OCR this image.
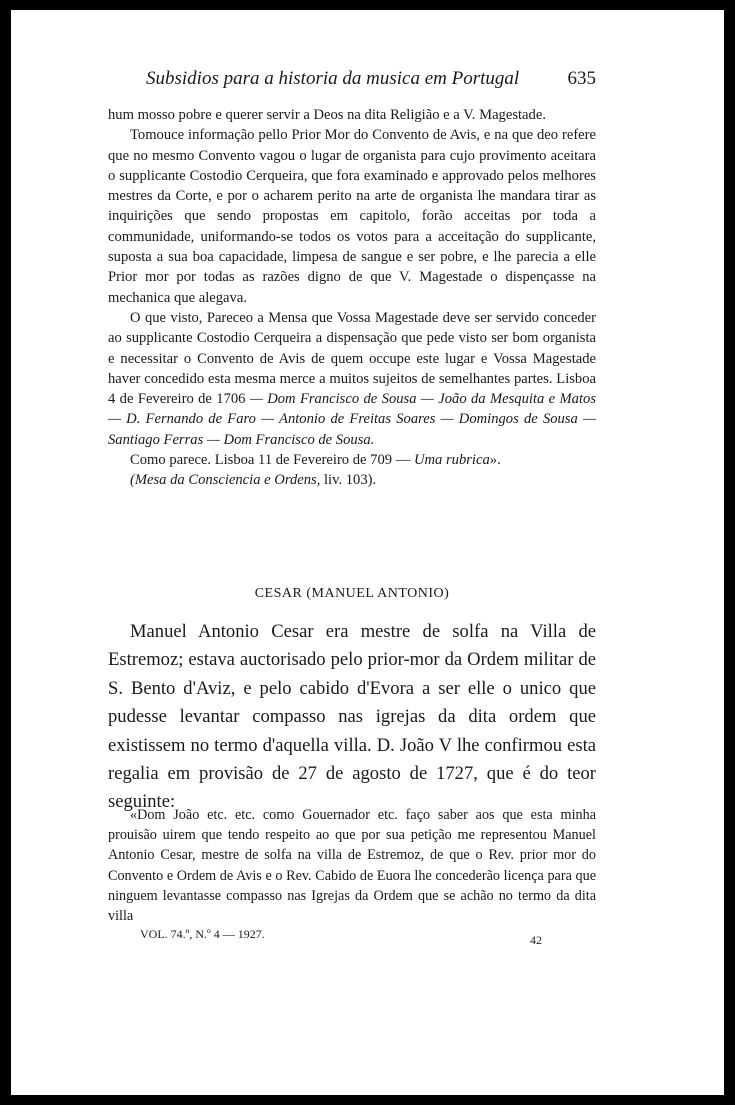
Subsidios para a historia da musica em Portugal	635

hum mosso pobre e querer servir a Deos na dita Religião e a V. Magestade.

Tomouce informação pello Prior Mor do Convento de Avis, e na que deo refere que no mesmo Convento vagou o lugar de organista para cujo provimento aceitara o supplicante Costodio Cerqueira, que fora examinado e approvado pelos melhores mestres da Corte, e por o acharem perito na arte de organista lhe mandara tirar as inquirições que sendo propostas em capitolo, forão acceitas por toda a communidade, uniformando-se todos os votos para a acceitação do supplicante, suposta a sua boa capacidade, limpesa de sangue e ser pobre, e lhe parecia a elle Prior mor por todas as razões digno de que V. Magestade o dispençasse na mechanica que alegava.

O que visto, Pareceo a Mensa que Vossa Magestade deve ser servido conceder ao supplicante Costodio Cerqueira a dispensação que pede visto ser bom organista e necessitar o Convento de Avis de quem occupe este lugar e Vossa Magestade haver concedido esta mesma merce a muitos sujeitos de semelhantes partes. Lisboa 4 de Fevereiro de 1706 — Dom Francisco de Sousa — João da Mesquita e Matos — D. Fernando de Faro — Antonio de Freitas Soares — Domingos de Sousa — Santiago Ferras — Dom Francisco de Sousa.

Como parece. Lisboa 11 de Fevereiro de 709 — Uma rubrica».

(Mesa da Consciencia e Ordens, liv. 103).

CESAR (MANUEL ANTONIO)
Manuel Antonio Cesar era mestre de solfa na Villa de Estremoz; estava auctorisado pelo prior-mor da Ordem militar de S. Bento d'Aviz, e pelo cabido d'Evora a ser elle o unico que pudesse levantar compasso nas igrejas da dita ordem que existissem no termo d'aquella villa. D. João V lhe confirmou esta regalia em provisão de 27 de agosto de 1727, que é do teor seguinte:
«Dom João etc. etc. como Gouernador etc. faço saber aos que esta minha prouisão uirem que tendo respeito ao que por sua petição me representou Manuel Antonio Cesar, mestre de solfa na villa de Estremoz, de que o Rev. prior mor do Convento e Ordem de Avis e o Rev. Cabido de Euora lhe concederão licença para que ninguem levantasse compasso nas Igrejas da Ordem que se achão no termo da dita villa
VOL. 74.º, N.º 4 — 1927.	42
